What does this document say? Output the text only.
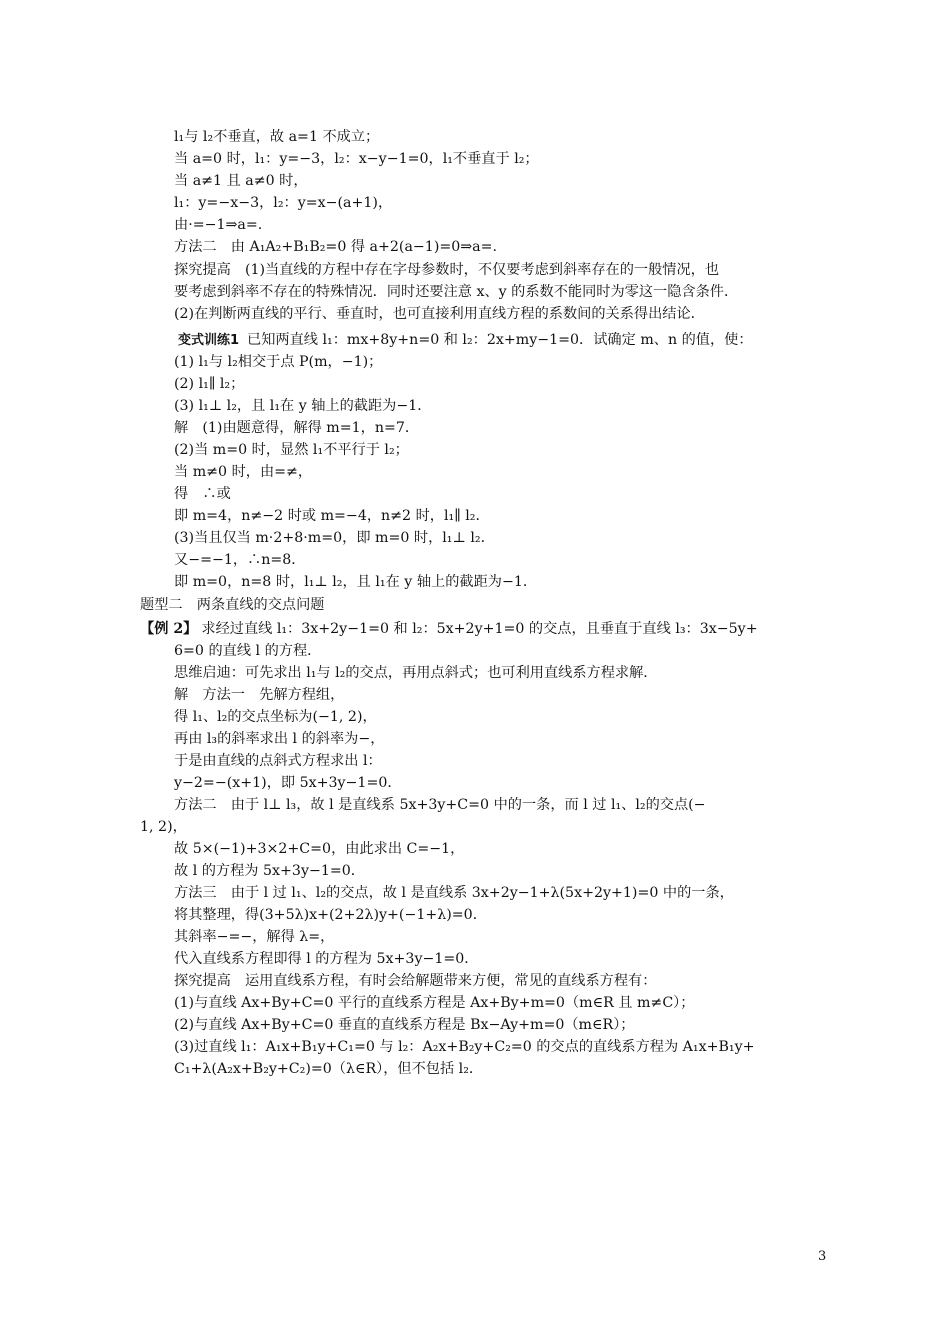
l₁与 l₂不垂直，故 a=1 不成立；
当 a=0 时，l₁：y=−3，l₂：x−y−1=0，l₁不垂直于 l₂；
当 a≠1 且 a≠0 时，
l₁：y=−x−3，l₂：y=x−(a+1)，
由·=−1⇒a=.
方法二　由 A₁A₂+B₁B₂=0 得 a+2(a−1)=0⇒a=.
探究提高　(1)当直线的方程中存在字母参数时，不仅要考虑到斜率存在的一般情况，也
要考虑到斜率不存在的特殊情况．同时还要注意 x、y 的系数不能同时为零这一隐含条件．
(2)在判断两直线的平行、垂直时，也可直接利用直线方程的系数间的关系得出结论．
变式训练1 已知两直线 l₁：mx+8y+n=0 和 l₂：2x+my−1=0．试确定 m、n 的值，使：
(1) l₁与 l₂相交于点 P(m，−1)；
(2) l₁∥ l₂；
(3) l₁⊥ l₂，且 l₁在 y 轴上的截距为−1．
解　(1)由题意得，解得 m=1，n=7．
(2)当 m=0 时，显然 l₁不平行于 l₂；
当 m≠0 时，由=≠，
得　∴或
即 m=4，n≠−2 时或 m=−4，n≠2 时，l₁∥ l₂．
(3)当且仅当 m·2+8·m=0，即 m=0 时，l₁⊥ l₂．
又−=−1，∴n=8．
即 m=0，n=8 时，l₁⊥ l₂，且 l₁在 y 轴上的截距为−1．
题型二　两条直线的交点问题
【例 2】 求经过直线 l₁：3x+2y−1=0 和 l₂：5x+2y+1=0 的交点，且垂直于直线 l₃：3x−5y+
6=0 的直线 l 的方程．
思维启迪：可先求出 l₁与 l₂的交点，再用点斜式；也可利用直线系方程求解．
解　方法一　先解方程组，
得 l₁、l₂的交点坐标为(−1, 2)，
再由 l₃的斜率求出 l 的斜率为−，
于是由直线的点斜式方程求出 l：
y−2=−(x+1)，即 5x+3y−1=0．
方法二　由于 l⊥ l₃，故 l 是直线系 5x+3y+C=0 中的一条，而 l 过 l₁、l₂的交点(−
1, 2)，
故 5×(−1)+3×2+C=0，由此求出 C=−1，
故 l 的方程为 5x+3y−1=0．
方法三　由于 l 过 l₁、l₂的交点，故 l 是直线系 3x+2y−1+λ(5x+2y+1)=0 中的一条，
将其整理，得(3+5λ)x+(2+2λ)y+(−1+λ)=0．
其斜率−=−，解得 λ=，
代入直线系方程即得 l 的方程为 5x+3y−1=0．
探究提高　运用直线系方程，有时会给解题带来方便，常见的直线系方程有：
(1)与直线 Ax+By+C=0 平行的直线系方程是 Ax+By+m=0（m∈R 且 m≠C）；
(2)与直线 Ax+By+C=0 垂直的直线系方程是 Bx−Ay+m=0（m∈R）；
(3)过直线 l₁：A₁x+B₁y+C₁=0 与 l₂：A₂x+B₂y+C₂=0 的交点的直线系方程为 A₁x+B₁y+
C₁+λ(A₂x+B₂y+C₂)=0（λ∈R），但不包括 l₂．
3
